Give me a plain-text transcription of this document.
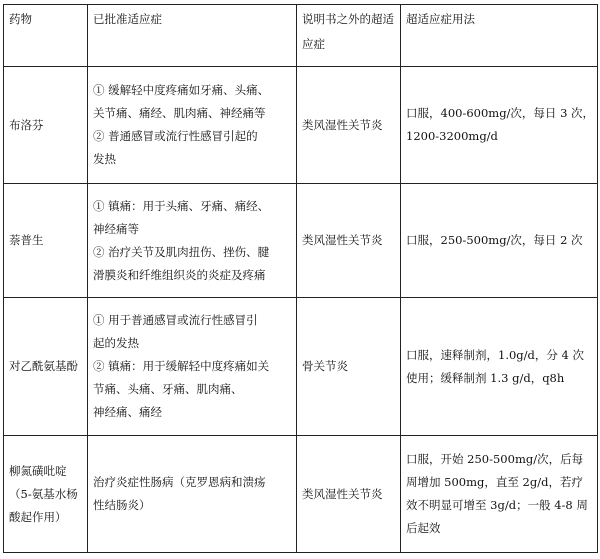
药物	已批准适应症	说明书之外的超适应症	超适应症用法

布洛芬	① 缓解轻中度疼痛如牙痛、头痛、
关节痛、痛经、肌肉痛、神经痛等
② 普通感冒或流行性感冒引起的
发热	类风湿性关节炎	口服，400-600mg/次，每日 3 次，
1200-3200mg/d

萘普生	① 镇痛：用于头痛、牙痛、痛经、
神经痛等
② 治疗关节及肌肉扭伤、挫伤、腱
滑膜炎和纤维组织炎的炎症及疼痛	类风湿性关节炎	口服，250-500mg/次，每日 2 次

对乙酰氨基酚	① 用于普通感冒或流行性感冒引
起的发热
② 镇痛：用于缓解轻中度疼痛如关
节痛、头痛、牙痛、肌肉痛、
神经痛、痛经	骨关节炎	口服，速释制剂，1.0g/d，分 4 次
使用；缓释制剂 1.3 g/d，q8h

柳氮磺吡啶（5-氨基水杨酸起作用）	治疗炎症性肠病（克罗恩病和溃疡
性结肠炎）	类风湿性关节炎	口服，开始 250-500mg/次，后每
周增加 500mg，直至 2g/d，若疗
效不明显可增至 3g/d；一般 4-8 周
后起效
